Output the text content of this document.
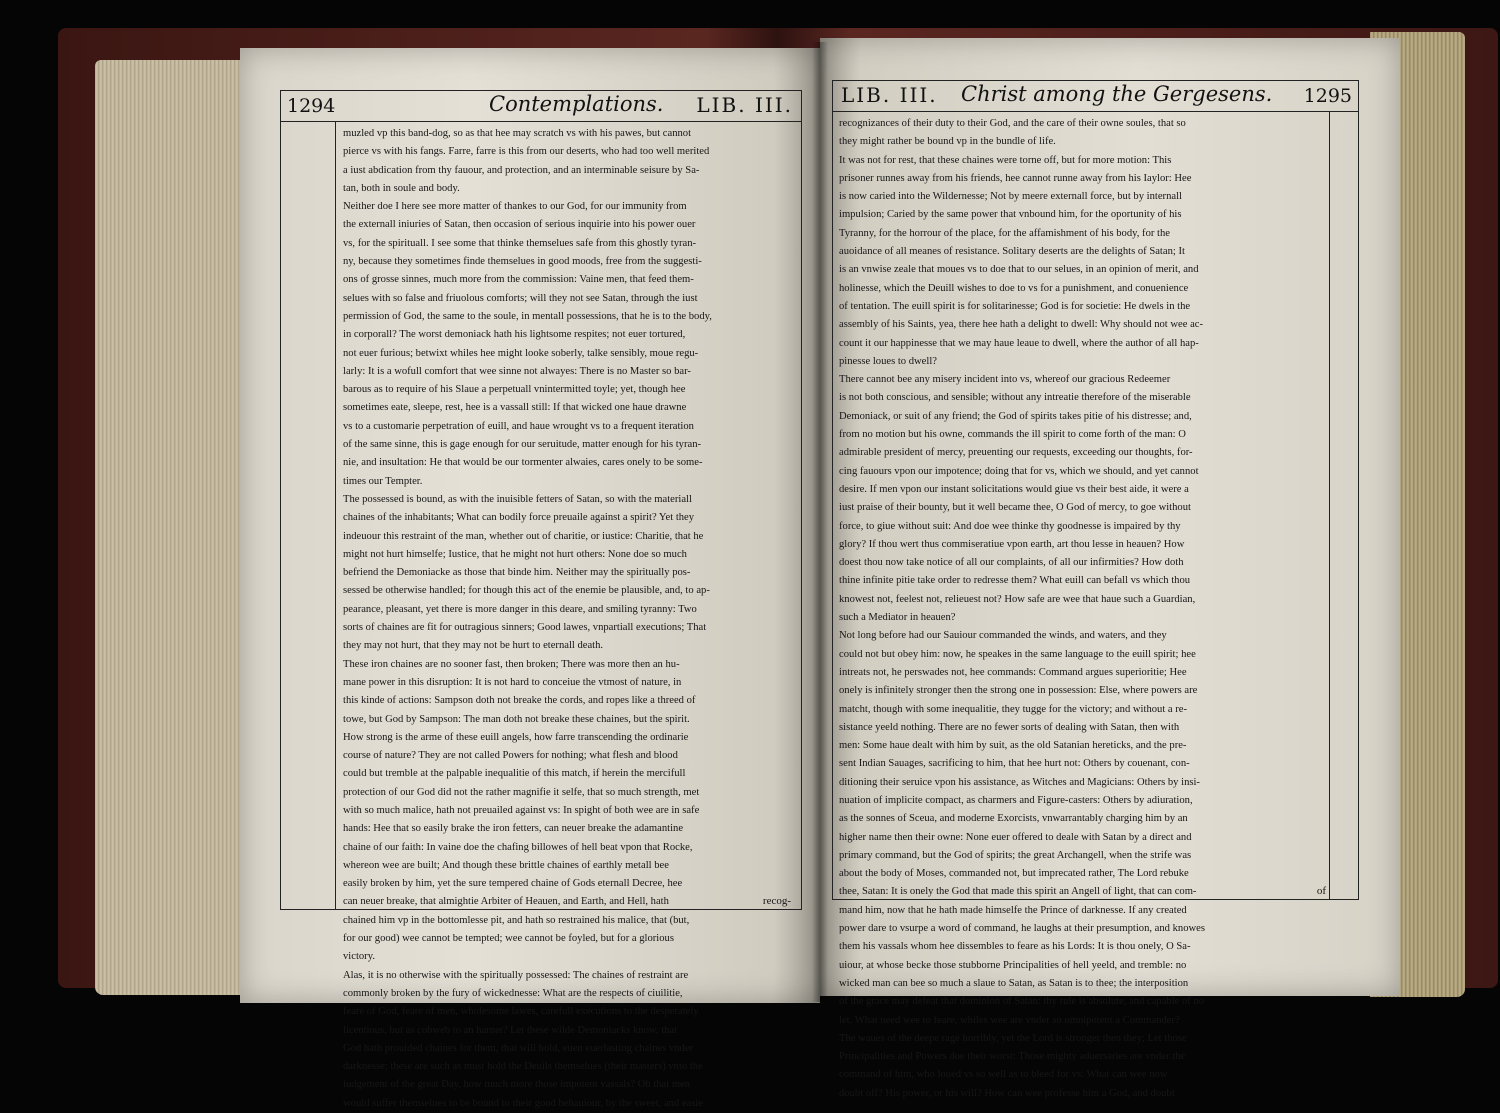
1294	Contemplations. LIB. III.
muzled vp this band-dog, so as that hee may scratch vs with his pawes, but cannot
pierce vs with his fangs. Farre, farre is this from our deserts, who had too well merited
a iust abdication from thy fauour, and protection, and an interminable seisure by Sa-
tan, both in soule and body.
Neither doe I here see more matter of thankes to our God, for our immunity from
the externall iniuries of Satan, then occasion of serious inquirie into his power ouer
vs, for the spirituall. I see some that thinke themselues safe from this ghostly tyran-
ny, because they sometimes finde themselues in good moods, free from the suggesti-
ons of grosse sinnes, much more from the commission: Vaine men, that feed them-
selues with so false and friuolous comforts; will they not see Satan, through the iust
permission of God, the same to the soule, in mentall possessions, that he is to the body,
in corporall? The worst demoniack hath his lightsome respites; not euer tortured,
not euer furious; betwixt whiles hee might looke soberly, talke sensibly, moue regu-
larly: It is a wofull comfort that wee sinne not alwayes: There is no Master so bar-
barous as to require of his Slaue a perpetuall vnintermitted toyle; yet, though hee
sometimes eate, sleepe, rest, hee is a vassall still: If that wicked one haue drawne
vs to a customarie perpetration of euill, and haue wrought vs to a frequent iteration
of the same sinne, this is gage enough for our seruitude, matter enough for his tyran-
nie, and insultation: He that would be our tormenter alwaies, cares onely to be some-
times our Tempter.
The possessed is bound, as with the inuisible fetters of Satan, so with the materiall
chaines of the inhabitants; What can bodily force preuaile against a spirit? Yet they
indeuour this restraint of the man, whether out of charitie, or iustice: Charitie, that he
might not hurt himselfe; Iustice, that he might not hurt others: None doe so much
befriend the Demoniacke as those that binde him. Neither may the spiritually pos-
sessed be otherwise handled; for though this act of the enemie be plausible, and, to ap-
pearance, pleasant, yet there is more danger in this deare, and smiling tyranny: Two
sorts of chaines are fit for outragious sinners; Good lawes, vnpartiall executions; That
they may not hurt, that they may not be hurt to eternall death.
These iron chaines are no sooner fast, then broken; There was more then an hu-
mane power in this disruption: It is not hard to conceiue the vtmost of nature, in
this kinde of actions: Sampson doth not breake the cords, and ropes like a threed of
towe, but God by Sampson: The man doth not breake these chaines, but the spirit.
How strong is the arme of these euill angels, how farre transcending the ordinarie
course of nature? They are not called Powers for nothing; what flesh and blood
could but tremble at the palpable inequalitie of this match, if herein the mercifull
protection of our God did not the rather magnifie it selfe, that so much strength, met
with so much malice, hath not preuailed against vs: In spight of both wee are in safe
hands: Hee that so easily brake the iron fetters, can neuer breake the adamantine
chaine of our faith: In vaine doe the chafing billowes of hell beat vpon that Rocke,
whereon wee are built; And though these brittle chaines of earthly metall bee
easily broken by him, yet the sure tempered chaine of Gods eternall Decree, hee
can neuer breake, that almightie Arbiter of Heauen, and Earth, and Hell, hath
chained him vp in the bottomlesse pit, and hath so restrained his malice, that (but,
for our good) wee cannot be tempted; wee cannot be foyled, but for a glorious
victory.
Alas, it is no otherwise with the spiritually possessed: The chaines of restraint are
commonly broken by the fury of wickednesse: What are the respects of ciuilitie,
feare of God, feare of men, wholesome lawes, carefull executions to the desperately
licentious, but as cobweb to an harnet? Let these wilde Demoniacks know, that
God hath prouided chaines for them, that will hold, euen euerlasting chaines vnder
darknesse; these are such as must hold the Deuils themselues (their masters) vnto the
iudgement of the great Day, how much more those impotent vassals? Oh that men
would suffer themselues to be bound to their good behauiour, by the sweet, and easie
recog-
LIB. III. Christ among the Gergesens. 1295
recognizances of their duty to their God, and the care of their owne soules, that so
they might rather be bound vp in the bundle of life.
It was not for rest, that these chaines were torne off, but for more motion: This
prisoner runnes away from his friends, hee cannot runne away from his Iaylor: Hee
is now caried into the Wildernesse; Not by meere externall force, but by internall
impulsion; Caried by the same power that vnbound him, for the oportunity of his
Tyranny, for the horrour of the place, for the affamishment of his body, for the
auoidance of all meanes of resistance. Solitary deserts are the delights of Satan; It
is an vnwise zeale that moues vs to doe that to our selues, in an opinion of merit, and
holinesse, which the Deuill wishes to doe to vs for a punishment, and conuenience
of tentation. The euill spirit is for solitarinesse; God is for societie: He dwels in the
assembly of his Saints, yea, there hee hath a delight to dwell: Why should not wee ac-
count it our happinesse that we may haue leaue to dwell, where the author of all hap-
pinesse loues to dwell?
There cannot bee any misery incident into vs, whereof our gracious Redeemer
is not both conscious, and sensible; without any intreatie therefore of the miserable
Demoniack, or suit of any friend; the God of spirits takes pitie of his distresse; and,
from no motion but his owne, commands the ill spirit to come forth of the man: O
admirable president of mercy, preuenting our requests, exceeding our thoughts, for-
cing fauours vpon our impotence; doing that for vs, which we should, and yet cannot
desire. If men vpon our instant solicitations would giue vs their best aide, it were a
iust praise of their bounty, but it well became thee, O God of mercy, to goe without
force, to giue without suit: And doe wee thinke thy goodnesse is impaired by thy
glory? If thou wert thus commiseratiue vpon earth, art thou lesse in heauen? How
doest thou now take notice of all our complaints, of all our infirmities? How doth
thine infinite pitie take order to redresse them? What euill can befall vs which thou
knowest not, feelest not, relieuest not? How safe are wee that haue such a Guardian,
such a Mediator in heauen?
Not long before had our Sauiour commanded the winds, and waters, and they
could not but obey him: now, he speakes in the same language to the euill spirit; hee
intreats not, he perswades not, hee commands: Command argues superioritie; Hee
onely is infinitely stronger then the strong one in possession: Else, where powers are
matcht, though with some inequalitie, they tugge for the victory; and without a re-
sistance yeeld nothing. There are no fewer sorts of dealing with Satan, then with
men: Some haue dealt with him by suit, as the old Satanian hereticks, and the pre-
sent Indian Sauages, sacrificing to him, that hee hurt not: Others by couenant, con-
ditioning their seruice vpon his assistance, as Witches and Magicians: Others by insi-
nuation of implicite compact, as charmers and Figure-casters: Others by adiuration,
as the sonnes of Sceua, and moderne Exorcists, vnwarrantably charging him by an
higher name then their owne: None euer offered to deale with Satan by a direct and
primary command, but the God of spirits; the great Archangell, when the strife was
about the body of Moses, commanded not, but imprecated rather, The Lord rebuke
thee, Satan: It is onely the God that made this spirit an Angell of light, that can com-
mand him, now that he hath made himselfe the Prince of darknesse. If any created
power dare to vsurpe a word of command, he laughs at their presumption, and knowes
them his vassals whom hee dissembles to feare as his Lords: It is thou onely, O Sa-
uiour, at whose becke those stubborne Principalities of hell yeeld, and tremble: no
wicked man can bee so much a slaue to Satan, as Satan is to thee; the interposition
of the grace may defeat that dominion of Satan: thy rule is absolute, and capable of no
let. What need wee to feare, whiles wee are vnder so omnipotent a Commander?
The waues of the deepe rage horribly, yet the Lord is stronger then they; Let those
Principalities and Powers doe their worst: Those mighty aduersaries are vnder the
command of him, who loued vs so well as to bleed for vs: What can wee now
doubt off? His power, or his will? How can wee professe him a God, and doubt
of
